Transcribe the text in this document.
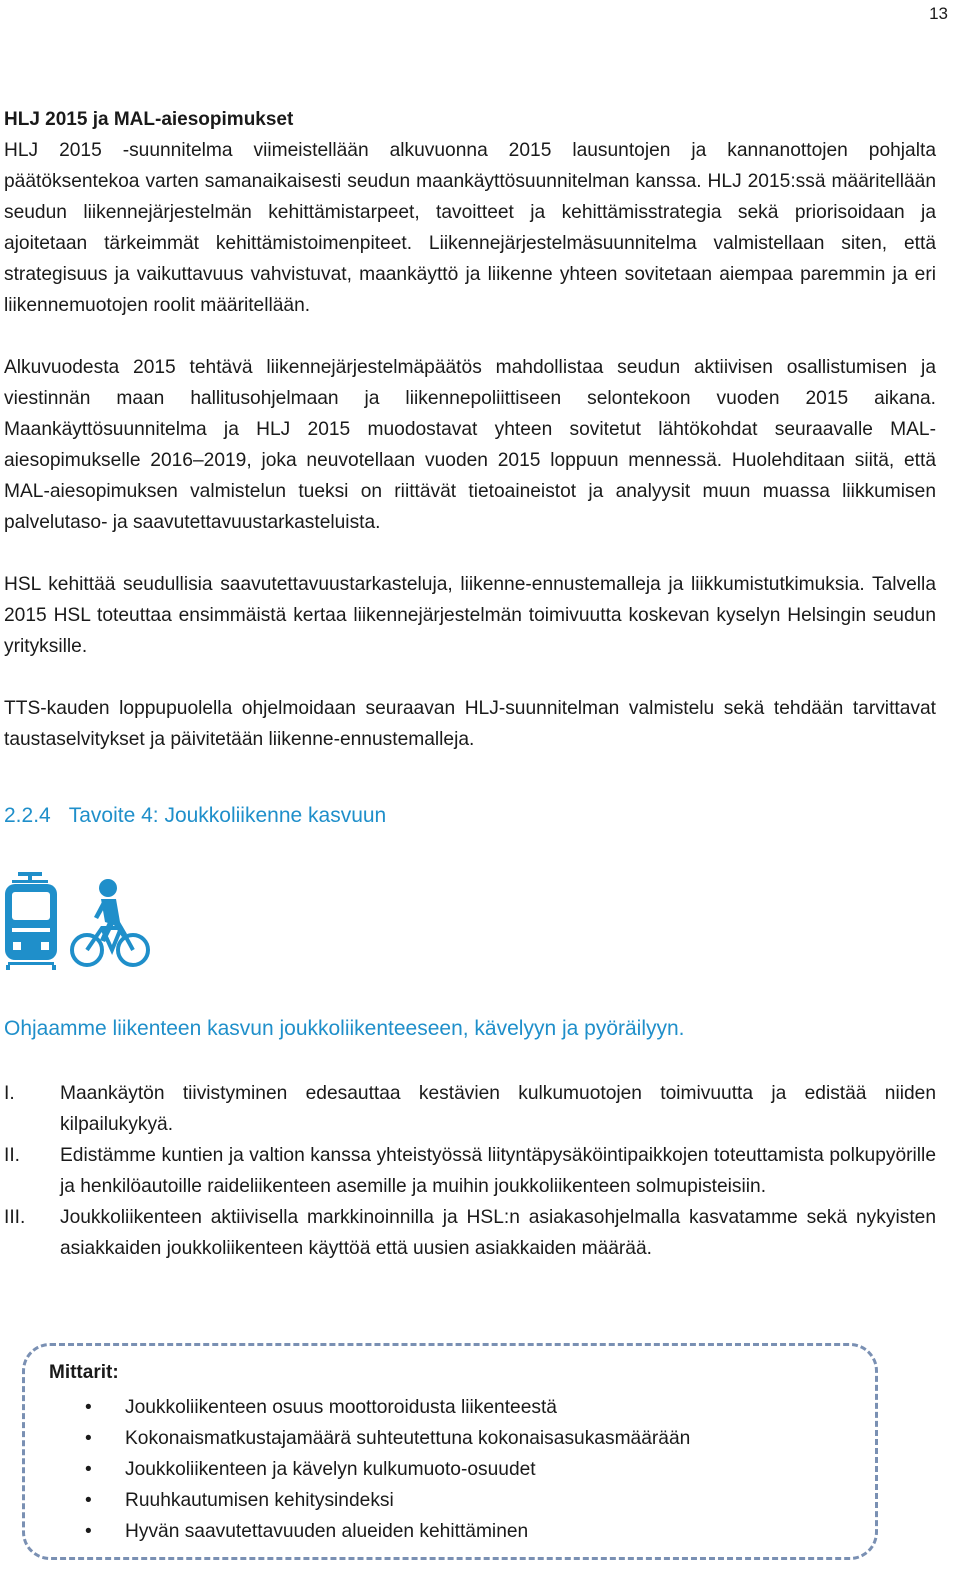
13
HLJ 2015 ja MAL-aiesopimukset

HLJ 2015 -suunnitelma viimeistellään alkuvuonna 2015 lausuntojen ja kannanottojen pohjalta päätöksentekoa varten samanaikaisesti seudun maankäyttösuunnitelman kanssa. HLJ 2015:ssä määritellään seudun liikennejärjestelmän kehittämistarpeet, tavoitteet ja kehittämisstrategia sekä priorisoidaan ja ajoitetaan tärkeimmät kehittämistoimenpiteet. Liikennejärjestelmäsuunnitelma valmistellaan siten, että strategisuus ja vaikuttavuus vahvistuvat, maankäyttö ja liikenne yhteen sovitetaan aiempaa paremmin ja eri liikennemuotojen roolit määritellään.

Alkuvuodesta 2015 tehtävä liikennejärjestelmäpäätös mahdollistaa seudun aktiivisen osallistumisen ja viestinnän maan hallitusohjelmaan ja liikennepoliittiseen selontekoon vuoden 2015 aikana. Maankäyttösuunnitelma ja HLJ 2015 muodostavat yhteen sovitetut lähtökohdat seuraavalle MAL-aiesopimukselle 2016–2019, joka neuvotellaan vuoden 2015 loppuun mennessä. Huolehditaan siitä, että MAL-aiesopimuksen valmistelun tueksi on riittävät tietoaineistot ja analyysit muun muassa liikkumisen palvelutaso- ja saavutettavuustarkasteluista.

HSL kehittää seudullisia saavutettavuustarkasteluja, liikenne-ennustemalleja ja liikkumistutkimuksia. Talvella 2015 HSL toteuttaa ensimmäistä kertaa liikennejärjestelmän toimivuutta koskevan kyselyn Helsingin seudun yrityksille.

TTS-kauden loppupuolella ohjelmoidaan seuraavan HLJ-suunnitelman valmistelu sekä tehdään tarvittavat taustaselvitykset ja päivitetään liikenne-ennustemalleja.

2.2.4 Tavoite 4: Joukkoliikenne kasvuun
Ohjaamme liikenteen kasvun joukkoliikenteeseen, kävelyyn ja pyöräilyyn.
I.	Maankäytön tiivistyminen edesauttaa kestävien kulkumuotojen toimivuutta ja edistää niiden kilpailukykyä.
II.	Edistämme kuntien ja valtion kanssa yhteistyössä liityntäpysäköintipaikkojen toteuttamista polkupyörille ja henkilöautoille raideliikenteen asemille ja muihin joukkoliikenteen solmupisteisiin.
III.	Joukkoliikenteen aktiivisella markkinoinnilla ja HSL:n asiakasohjelmalla kasvatamme sekä nykyisten asiakkaiden joukkoliikenteen käyttöä että uusien asiakkaiden määrää.
Mittarit:
•	Joukkoliikenteen osuus moottoroidusta liikenteestä
•	Kokonaismatkustajamäärä suhteutettuna kokonaisasukasmäärään
•	Joukkoliikenteen ja kävelyn kulkumuoto-osuudet
•	Ruuhkautumisen kehitysindeksi
•	Hyvän saavutettavuuden alueiden kehittäminen
